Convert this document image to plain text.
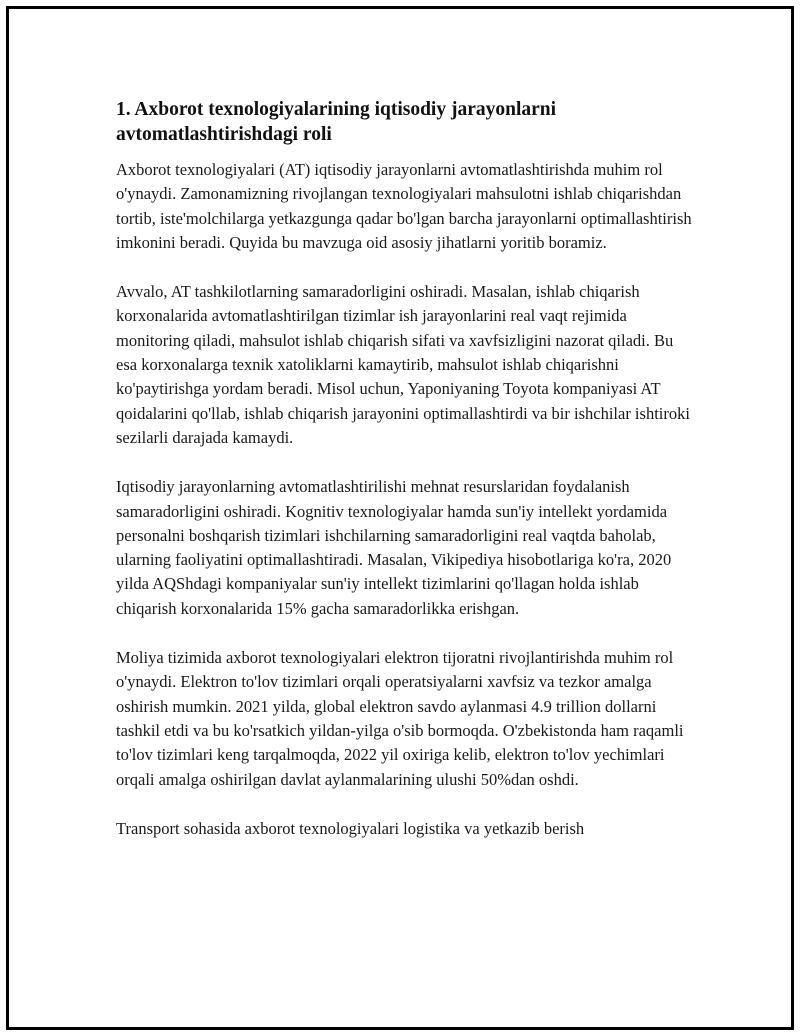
1. Axborot texnologiyalarining iqtisodiy jarayonlarni avtomatlashtirishdagi roli

Axborot texnologiyalari (AT) iqtisodiy jarayonlarni avtomatlashtirishda muhim rol o'ynaydi. Zamonamizning rivojlangan texnologiyalari mahsulotni ishlab chiqarishdan tortib, iste'molchilarga yetkazgunga qadar bo'lgan barcha jarayonlarni optimallashtirish imkonini beradi. Quyida bu mavzuga oid asosiy jihatlarni yoritib boramiz.

Avvalo, AT tashkilotlarning samaradorligini oshiradi. Masalan, ishlab chiqarish korxonalarida avtomatlashtirilgan tizimlar ish jarayonlarini real vaqt rejimida monitoring qiladi, mahsulot ishlab chiqarish sifati va xavfsizligini nazorat qiladi. Bu esa korxonalarga texnik xatoliklarni kamaytirib, mahsulot ishlab chiqarishni ko'paytirishga yordam beradi. Misol uchun, Yaponiyaning Toyota kompaniyasi AT qoidalarini qo'llab, ishlab chiqarish jarayonini optimallashtirdi va bir ishchilar ishtiroki sezilarli darajada kamaydi.

Iqtisodiy jarayonlarning avtomatlashtirilishi mehnat resurslaridan foydalanish samaradorligini oshiradi. Kognitiv texnologiyalar hamda sun'iy intellekt yordamida personalni boshqarish tizimlari ishchilarning samaradorligini real vaqtda baholab, ularning faoliyatini optimallashtiradi. Masalan, Vikipediya hisobotlariga ko'ra, 2020 yilda AQShdagi kompaniyalar sun'iy intellekt tizimlarini qo'llagan holda ishlab chiqarish korxonalarida 15% gacha samaradorlikka erishgan.

Moliya tizimida axborot texnologiyalari elektron tijoratni rivojlantirishda muhim rol o'ynaydi. Elektron to'lov tizimlari orqali operatsiyalarni xavfsiz va tezkor amalga oshirish mumkin. 2021 yilda, global elektron savdo aylanmasi 4.9 trillion dollarni tashkil etdi va bu ko'rsatkich yildan-yilga o'sib bormoqda. O'zbekistonda ham raqamli to'lov tizimlari keng tarqalmoqda, 2022 yil oxiriga kelib, elektron to'lov yechimlari orqali amalga oshirilgan davlat aylanmalarining ulushi 50%dan oshdi.

Transport sohasida axborot texnologiyalari logistika va yetkazib berish
